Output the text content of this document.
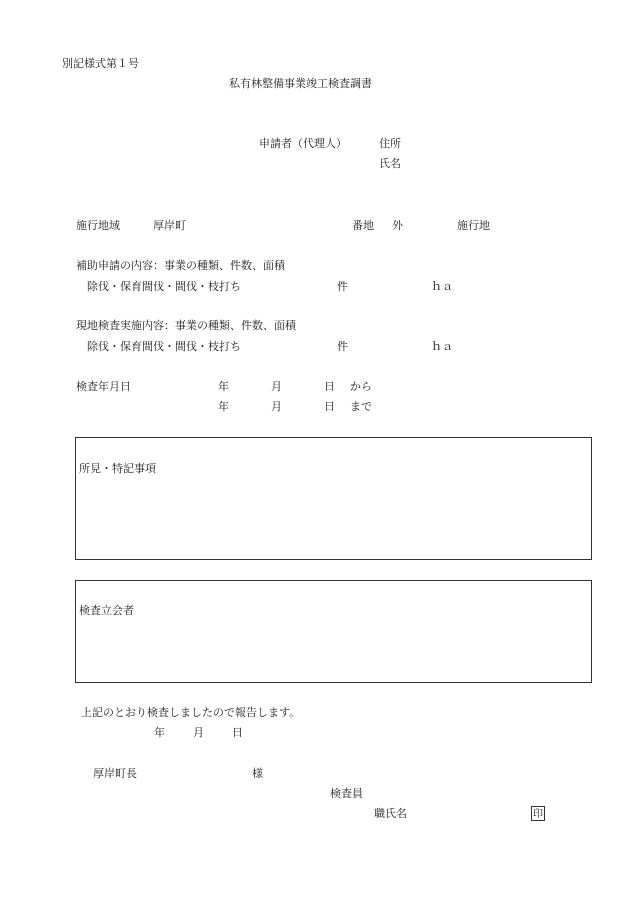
別記様式第１号
私有林整備事業竣工検査調書
申請者（代理人）	住所
氏名
施行地域	厚岸町	番地 外	施行地
補助申請の内容：事業の種類、件数、面積
除伐・保育間伐・間伐・枝打ち	件	ｈａ
現地検査実施内容：事業の種類、件数、面積
除伐・保育間伐・間伐・枝打ち	件	ｈａ
検査年月日	年	月	日 から
年	月	日 まで
所見・特記事項
検査立会者
上記のとおり検査しましたので報告します。
年	月	日
厚岸町長	様
検査員
職氏名	印
